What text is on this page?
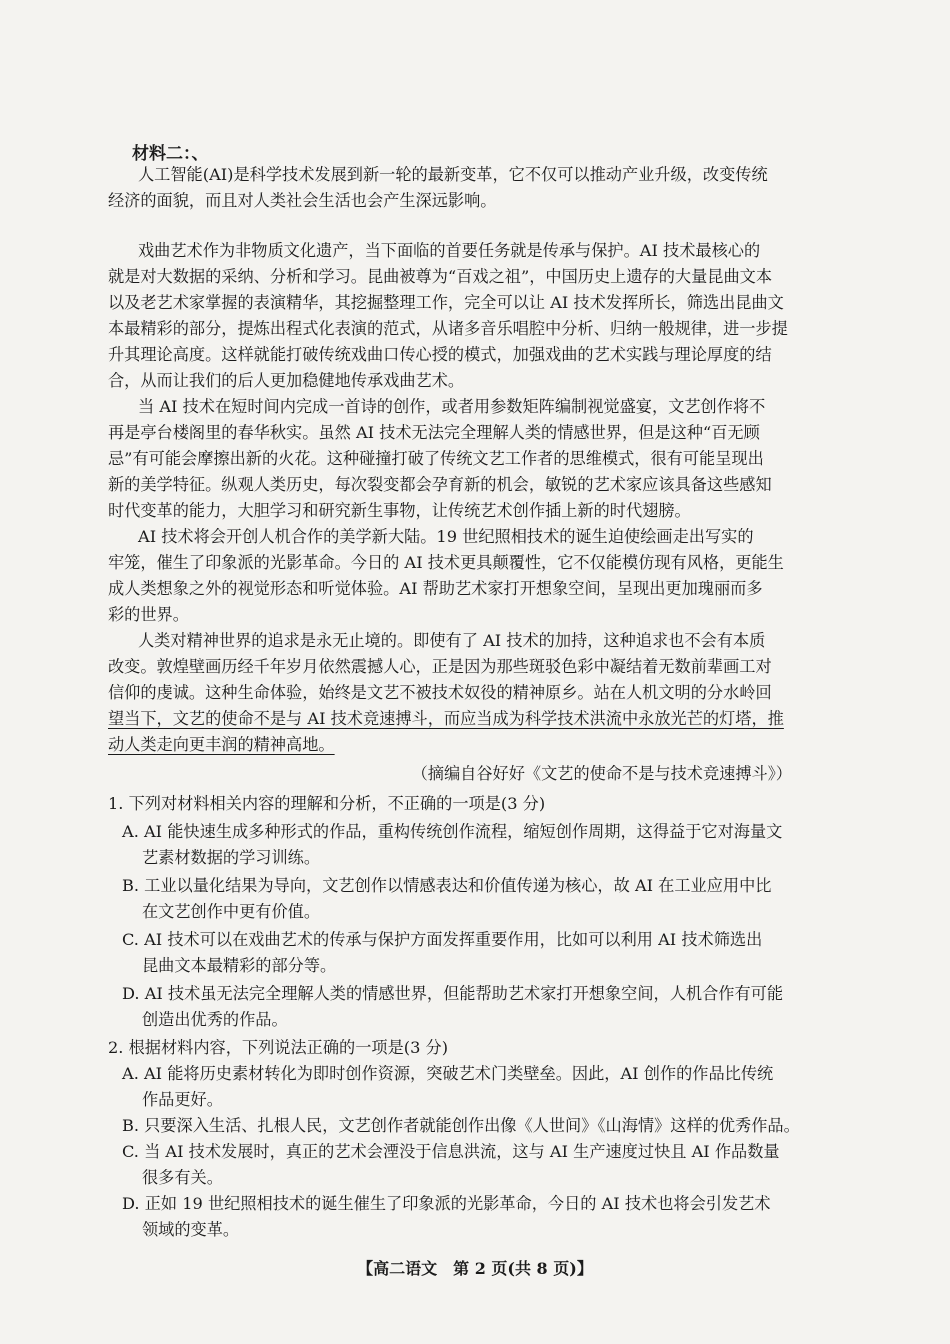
材料二：、
人工智能(AI)是科学技术发展到新一轮的最新变革，它不仅可以推动产业升级，改变传统
经济的面貌，而且对人类社会生活也会产生深远影响。
戏曲艺术作为非物质文化遗产，当下面临的首要任务就是传承与保护。AI 技术最核心的
就是对大数据的采纳、分析和学习。昆曲被尊为“百戏之祖”，中国历史上遗存的大量昆曲文本
以及老艺术家掌握的表演精华，其挖掘整理工作，完全可以让 AI 技术发挥所长，筛选出昆曲文
本最精彩的部分，提炼出程式化表演的范式，从诸多音乐唱腔中分析、归纳一般规律，进一步提
升其理论高度。这样就能打破传统戏曲口传心授的模式，加强戏曲的艺术实践与理论厚度的结
合，从而让我们的后人更加稳健地传承戏曲艺术。
当 AI 技术在短时间内完成一首诗的创作，或者用参数矩阵编制视觉盛宴，文艺创作将不
再是亭台楼阁里的春华秋实。虽然 AI 技术无法完全理解人类的情感世界，但是这种“百无顾
忌”有可能会摩擦出新的火花。这种碰撞打破了传统文艺工作者的思维模式，很有可能呈现出
新的美学特征。纵观人类历史，每次裂变都会孕育新的机会，敏锐的艺术家应该具备这些感知
时代变革的能力，大胆学习和研究新生事物，让传统艺术创作插上新的时代翅膀。
AI 技术将会开创人机合作的美学新大陆。19 世纪照相技术的诞生迫使绘画走出写实的
牢笼，催生了印象派的光影革命。今日的 AI 技术更具颠覆性，它不仅能模仿现有风格，更能生
成人类想象之外的视觉形态和听觉体验。AI 帮助艺术家打开想象空间，呈现出更加瑰丽而多
彩的世界。
人类对精神世界的追求是永无止境的。即使有了 AI 技术的加持，这种追求也不会有本质
改变。敦煌壁画历经千年岁月依然震撼人心，正是因为那些斑驳色彩中凝结着无数前辈画工对
信仰的虔诚。这种生命体验，始终是文艺不被技术奴役的精神原乡。站在人机文明的分水岭回
望当下，文艺的使命不是与 AI 技术竞速搏斗，而应当成为科学技术洪流中永放光芒的灯塔，推
动人类走向更丰润的精神高地。
（摘编自谷好好《文艺的使命不是与技术竞速搏斗》）
1. 下列对材料相关内容的理解和分析，不正确的一项是(3 分)
A. AI 能快速生成多种形式的作品，重构传统创作流程，缩短创作周期，这得益于它对海量文
艺素材数据的学习训练。
B. 工业以量化结果为导向，文艺创作以情感表达和价值传递为核心，故 AI 在工业应用中比
在文艺创作中更有价值。
C. AI 技术可以在戏曲艺术的传承与保护方面发挥重要作用，比如可以利用 AI 技术筛选出
昆曲文本最精彩的部分等。
D. AI 技术虽无法完全理解人类的情感世界，但能帮助艺术家打开想象空间，人机合作有可能
创造出优秀的作品。
2. 根据材料内容，下列说法正确的一项是(3 分)
A. AI 能将历史素材转化为即时创作资源，突破艺术门类壁垒。因此，AI 创作的作品比传统
作品更好。
B. 只要深入生活、扎根人民，文艺创作者就能创作出像《人世间》《山海情》这样的优秀作品。
C. 当 AI 技术发展时，真正的艺术会湮没于信息洪流，这与 AI 生产速度过快且 AI 作品数量
很多有关。
D. 正如 19 世纪照相技术的诞生催生了印象派的光影革命，今日的 AI 技术也将会引发艺术
领域的变革。
【高二语文　第 2 页(共 8 页)】
